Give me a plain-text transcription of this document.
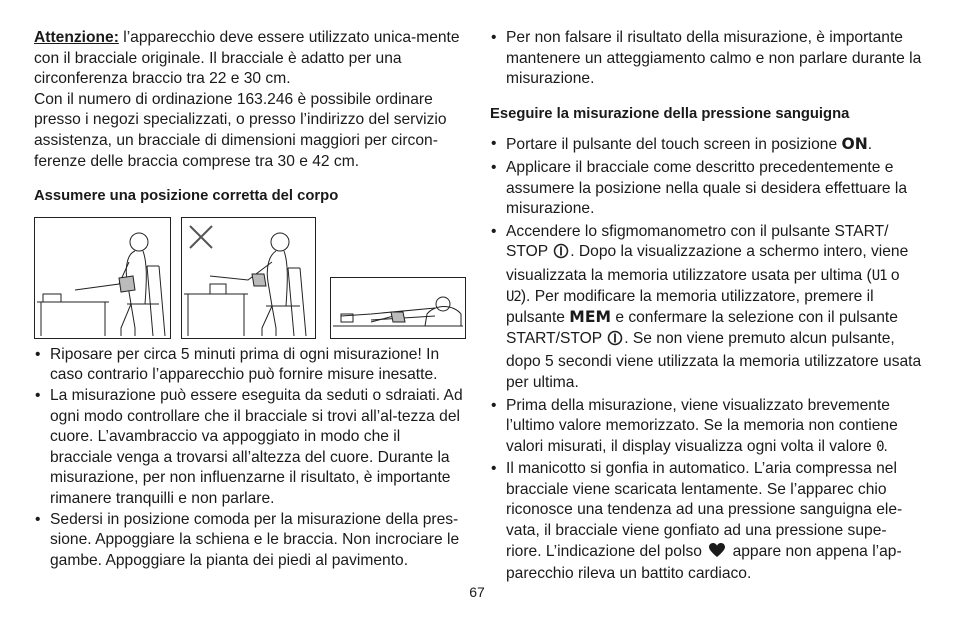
Attenzione: l’apparecchio deve essere utilizzato unica-mente con il bracciale originale. Il bracciale è adatto per una circonferenza braccio tra 22 e 30 cm.

Con il numero di ordinazione 163.246 è possibile ordinare presso i negozi specializzati, o presso l’indirizzo del servizio assistenza, un bracciale di dimensioni maggiori per circon-ferenze delle braccia comprese tra 30 e 42 cm.

Assumere una posizione corretta del corpo

• Riposare per circa 5 minuti prima di ogni misurazione! In caso contrario l’apparecchio può fornire misure inesatte.
• La misurazione può essere eseguita da seduti o sdraiati. Ad ogni modo controllare che il bracciale si trovi all’al-tezza del cuore. L’avambraccio va appoggiato in modo che il bracciale venga a trovarsi all’altezza del cuore. Durante la misurazione, per non influenzarne il risultato, è importante rimanere tranquilli e non parlare.
• Sedersi in posizione comoda per la misurazione della pres-sione. Appoggiare la schiena e le braccia. Non incrociare le gambe. Appoggiare la pianta dei piedi al pavimento.
• Per non falsare il risultato della misurazione, è importante mantenere un atteggiamento calmo e non parlare durante la misurazione.

Eseguire la misurazione della pressione sanguigna

• Portare il pulsante del touch screen in posizione ON.
• Applicare il bracciale come descritto precedentemente e assumere la posizione nella quale si desidera effettuare la misurazione.
• Accendere lo sfigmomanometro con il pulsante START/ STOP . Dopo la visualizzazione a schermo intero, viene visualizzata la memoria utilizzatore usata per ultima (U1 o U2). Per modificare la memoria utilizzatore, premere il pulsante MEM e confermare la selezione con il pulsante START/STOP . Se non viene premuto alcun pulsante, dopo 5 secondi viene utilizzata la memoria utilizzatore usata per ultima.
• Prima della misurazione, viene visualizzato brevemente l’ultimo valore memorizzato. Se la memoria non contiene valori misurati, il display visualizza ogni volta il valore 0.
• Il manicotto si gonfia in automatico. L’aria compressa nel bracciale viene scaricata lentamente. Se l’apparec chio riconosce una tendenza ad una pressione sanguigna ele-vata, il bracciale viene gonfiato ad una pressione supe-riore. L’indicazione del polso  appare non appena l’ap-parecchio rileva un battito cardiaco.
67
